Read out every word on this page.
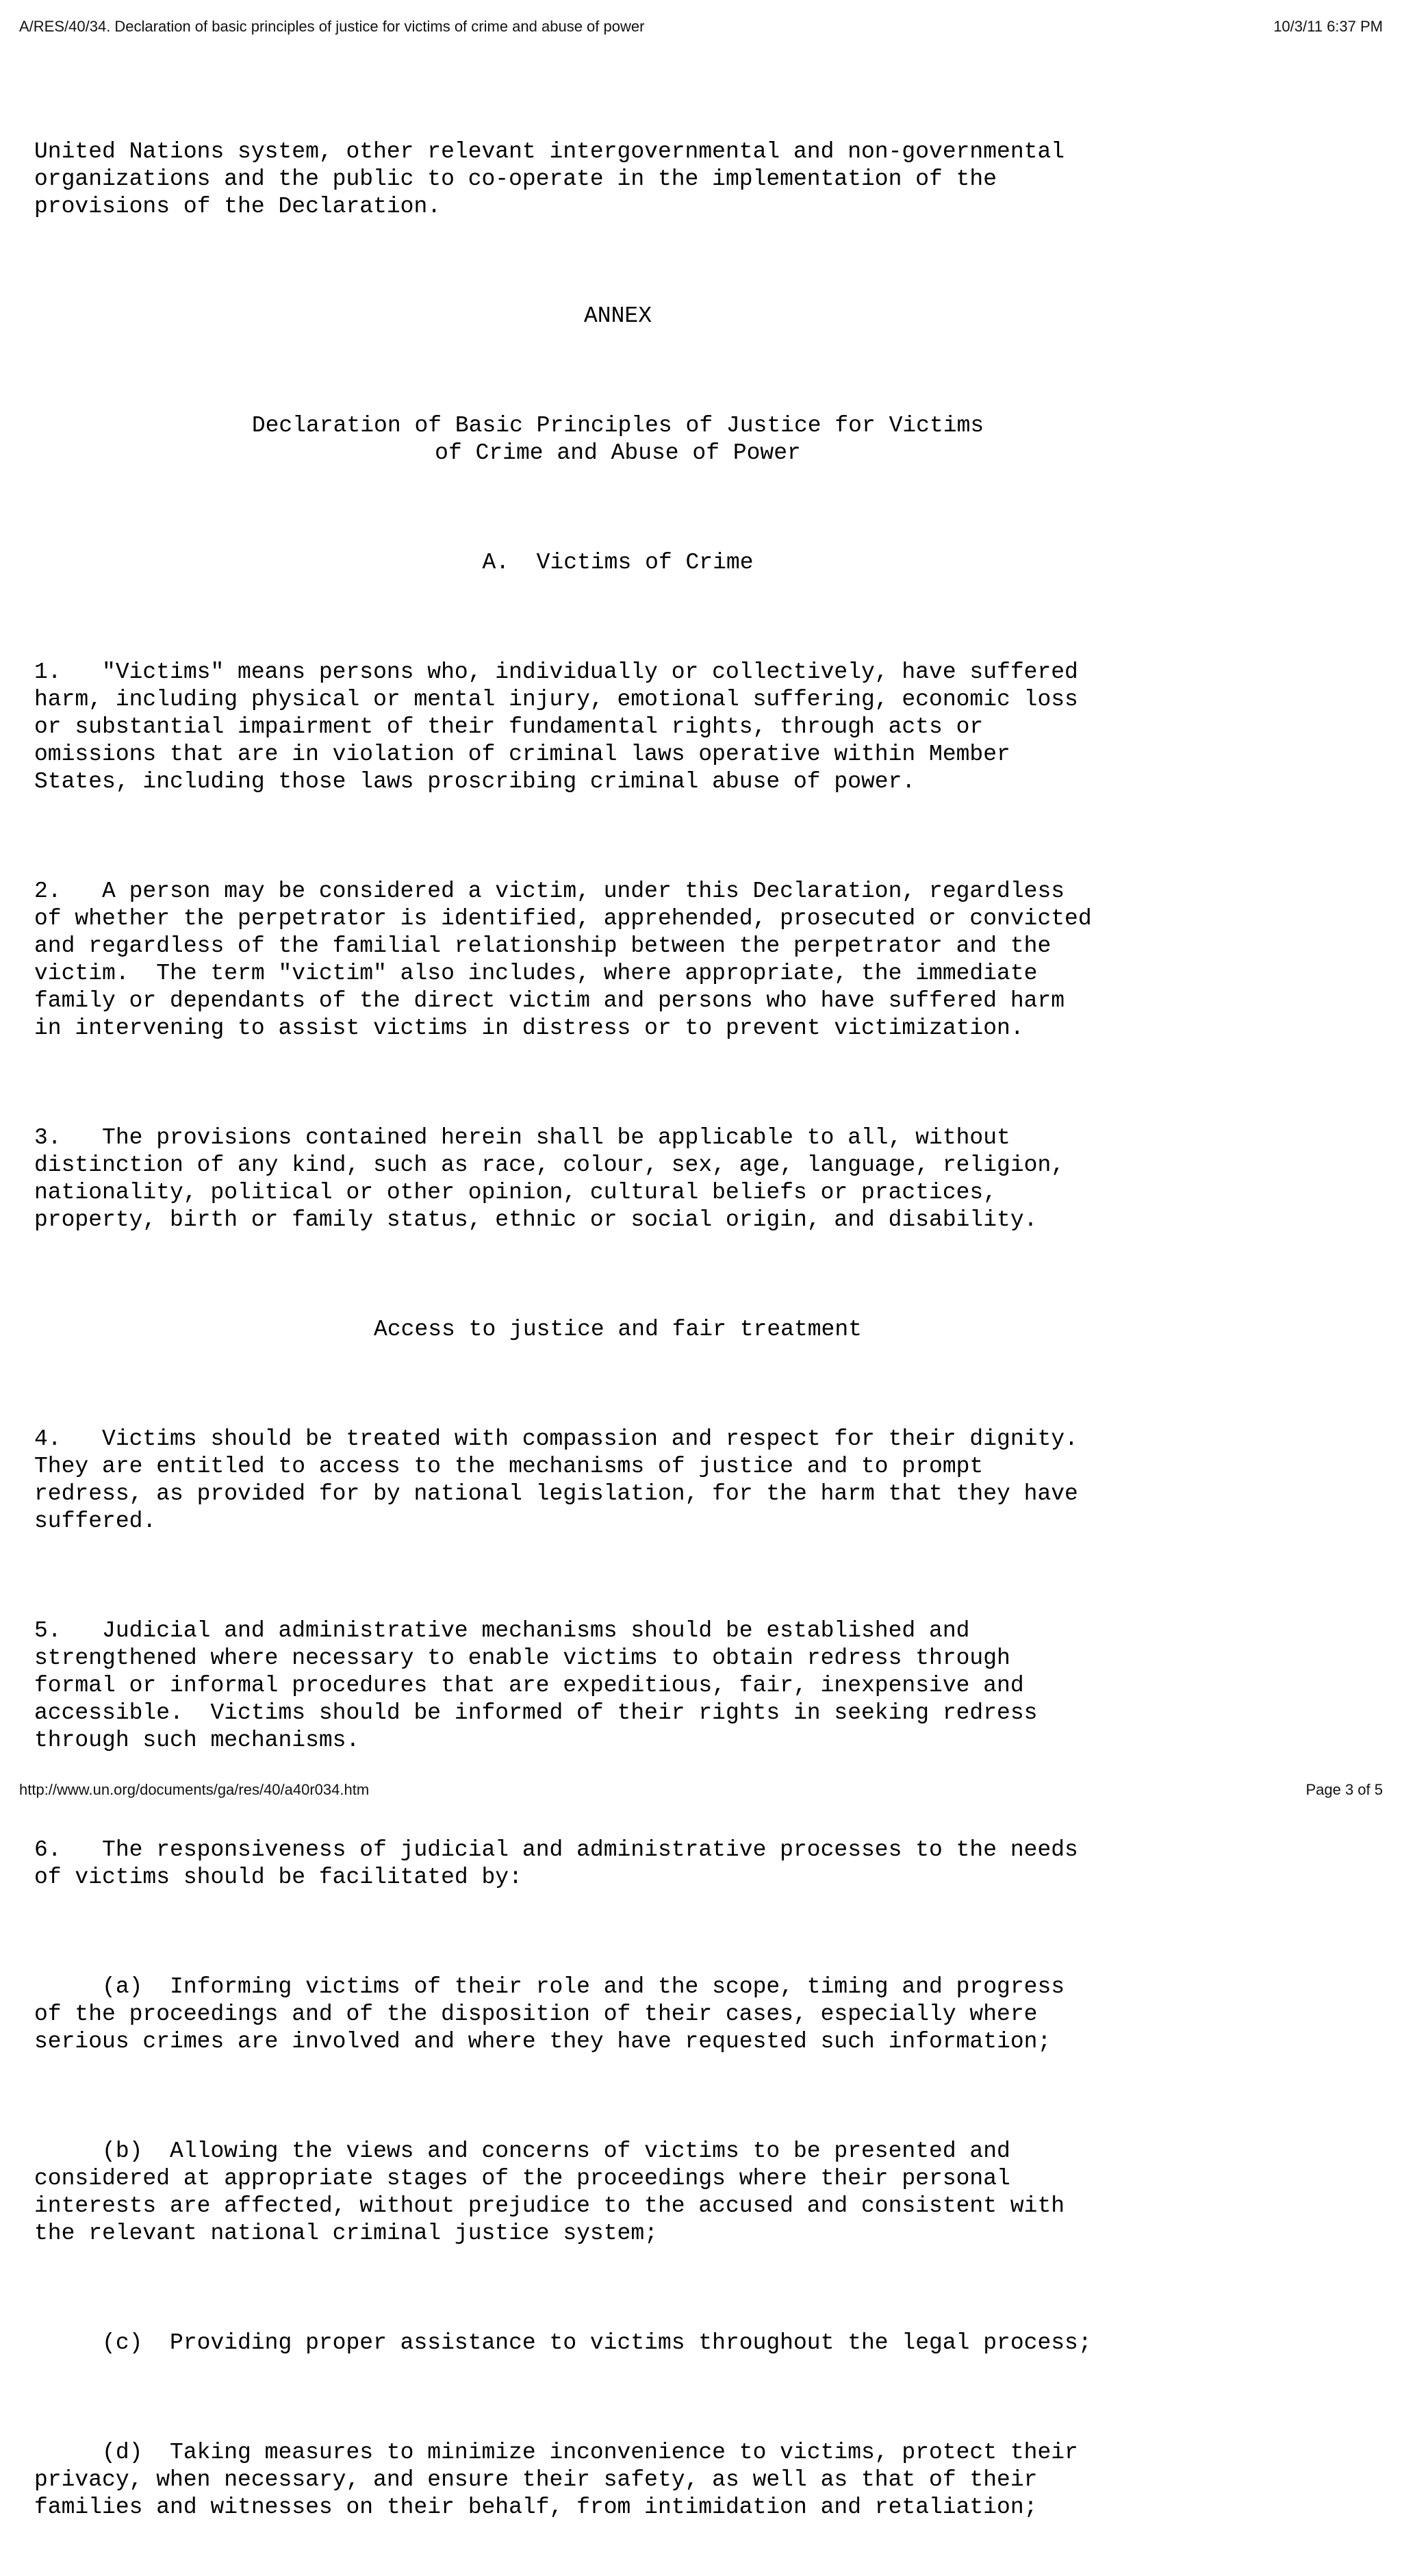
A/RES/40/34. Declaration of basic principles of justice for victims of crime and abuse of power	10/3/11 6:37 PM

United Nations system, other relevant intergovernmental and non-governmental
organizations and the public to co-operate in the implementation of the
provisions of the Declaration.

ANNEX

Declaration of Basic Principles of Justice for Victims
of Crime and Abuse of Power

A.  Victims of Crime

1.   "Victims" means persons who, individually or collectively, have suffered
harm, including physical or mental injury, emotional suffering, economic loss
or substantial impairment of their fundamental rights, through acts or
omissions that are in violation of criminal laws operative within Member
States, including those laws proscribing criminal abuse of power.

2.   A person may be considered a victim, under this Declaration, regardless
of whether the perpetrator is identified, apprehended, prosecuted or convicted
and regardless of the familial relationship between the perpetrator and the
victim.  The term "victim" also includes, where appropriate, the immediate
family or dependants of the direct victim and persons who have suffered harm
in intervening to assist victims in distress or to prevent victimization.

3.   The provisions contained herein shall be applicable to all, without
distinction of any kind, such as race, colour, sex, age, language, religion,
nationality, political or other opinion, cultural beliefs or practices,
property, birth or family status, ethnic or social origin, and disability.

Access to justice and fair treatment

4.   Victims should be treated with compassion and respect for their dignity.
They are entitled to access to the mechanisms of justice and to prompt
redress, as provided for by national legislation, for the harm that they have
suffered.

5.   Judicial and administrative mechanisms should be established and
strengthened where necessary to enable victims to obtain redress through
formal or informal procedures that are expeditious, fair, inexpensive and
accessible.  Victims should be informed of their rights in seeking redress
through such mechanisms.

6.   The responsiveness of judicial and administrative processes to the needs
of victims should be facilitated by:

(a)  Informing victims of their role and the scope, timing and progress
of the proceedings and of the disposition of their cases, especially where
serious crimes are involved and where they have requested such information;

(b)  Allowing the views and concerns of victims to be presented and
considered at appropriate stages of the proceedings where their personal
interests are affected, without prejudice to the accused and consistent with
the relevant national criminal justice system;

(c)  Providing proper assistance to victims throughout the legal process;

(d)  Taking measures to minimize inconvenience to victims, protect their
privacy, when necessary, and ensure their safety, as well as that of their
families and witnesses on their behalf, from intimidation and retaliation;

http://www.un.org/documents/ga/res/40/a40r034.htm	Page 3 of 5
